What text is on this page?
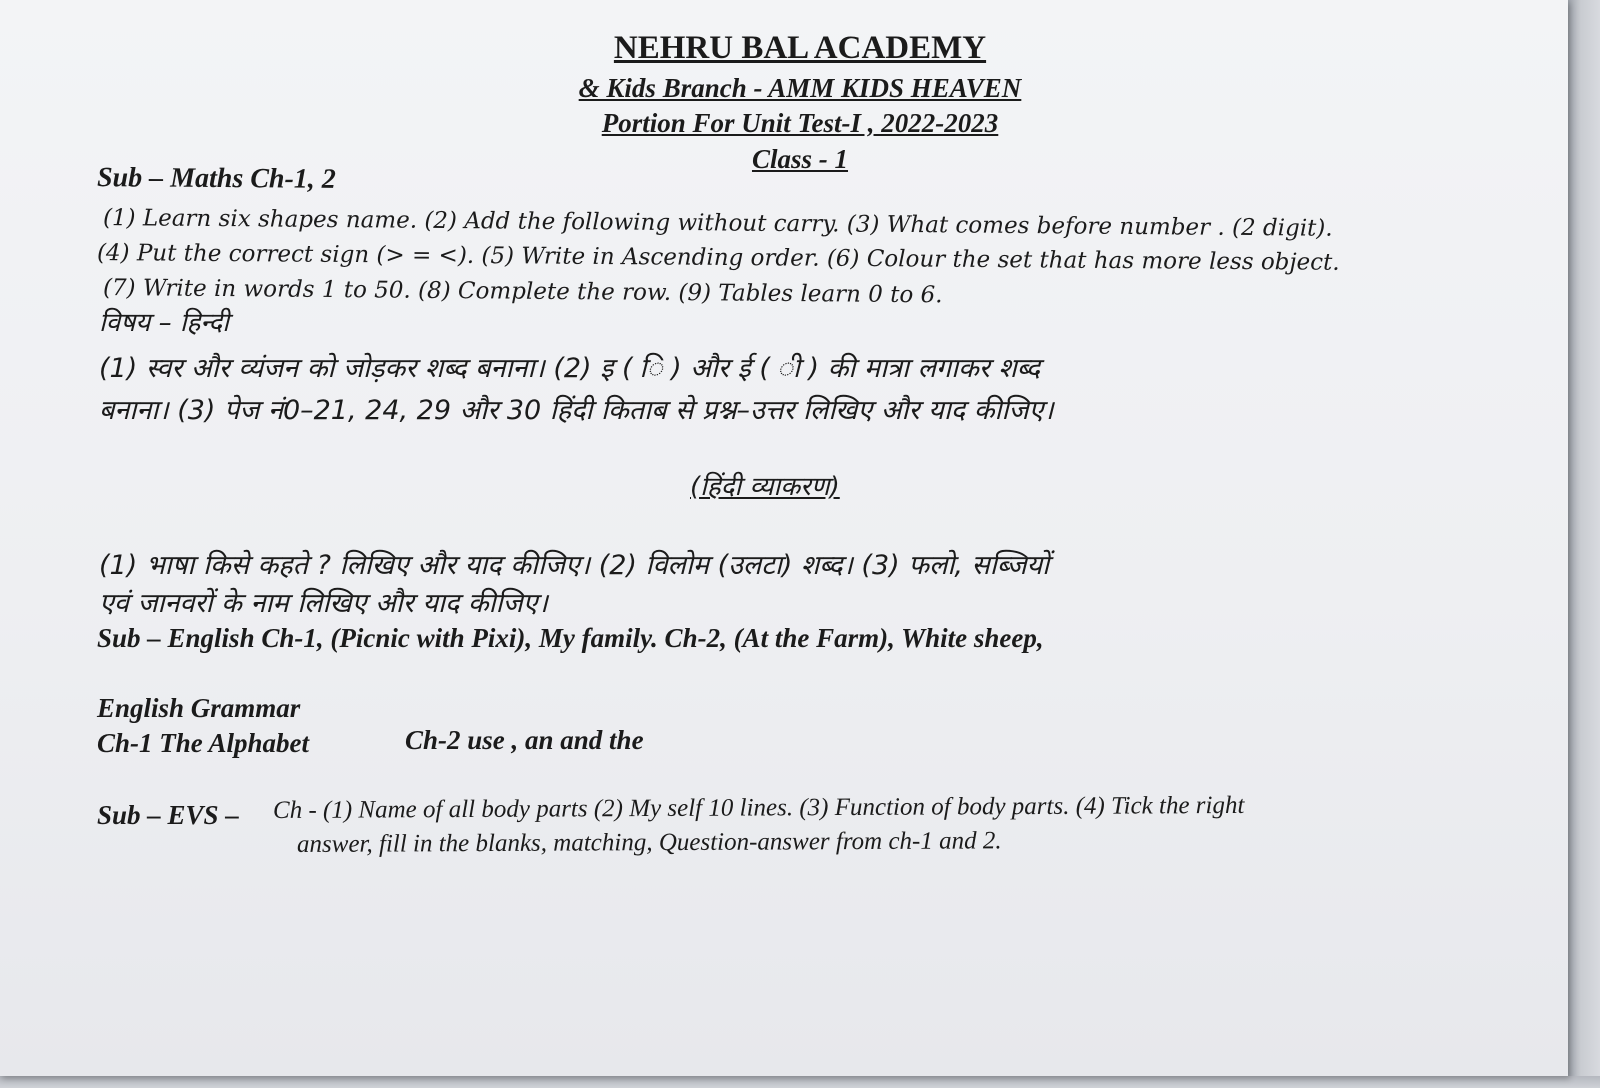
NEHRU BAL ACADEMY

& Kids Branch - AMM KIDS HEAVEN

Portion For Unit Test-I , 2022-2023

Class - 1

Sub – Maths Ch-1, 2

(1) Learn six shapes name. (2) Add the following without carry. (3) What comes before number . (2 digit).

(4) Put the correct sign (> = <). (5) Write in Ascending order. (6) Colour the set that has more less object.

(7) Write in words 1 to 50. (8) Complete the row. (9) Tables learn 0 to 6.

विषय – हिन्दी

(1) स्वर और व्यंजन को जोड़कर शब्द बनाना। (2) इ ( ि ) और ई ( ी ) की मात्रा लगाकर शब्द

बनाना। (3) पेज नं0–21, 24, 29 और 30 हिंदी किताब से प्रश्न–उत्तर लिखिए और याद कीजिए।

(हिंदी व्याकरण)

(1) भाषा किसे कहते ? लिखिए और याद कीजिए। (2) विलोम (उलटा) शब्द। (3) फलो, सब्जियों

एवं जानवरों के नाम लिखिए और याद कीजिए।

Sub – English Ch-1, (Picnic with Pixi), My family. Ch-2, (At the Farm), White sheep,

English Grammar

Ch-1 The Alphabet	Ch-2 use , an and the

Sub – EVS – Ch - (1) Name of all body parts (2) My self 10 lines. (3) Function of body parts. (4) Tick the right

answer, fill in the blanks, matching, Question-answer from ch-1 and 2.
